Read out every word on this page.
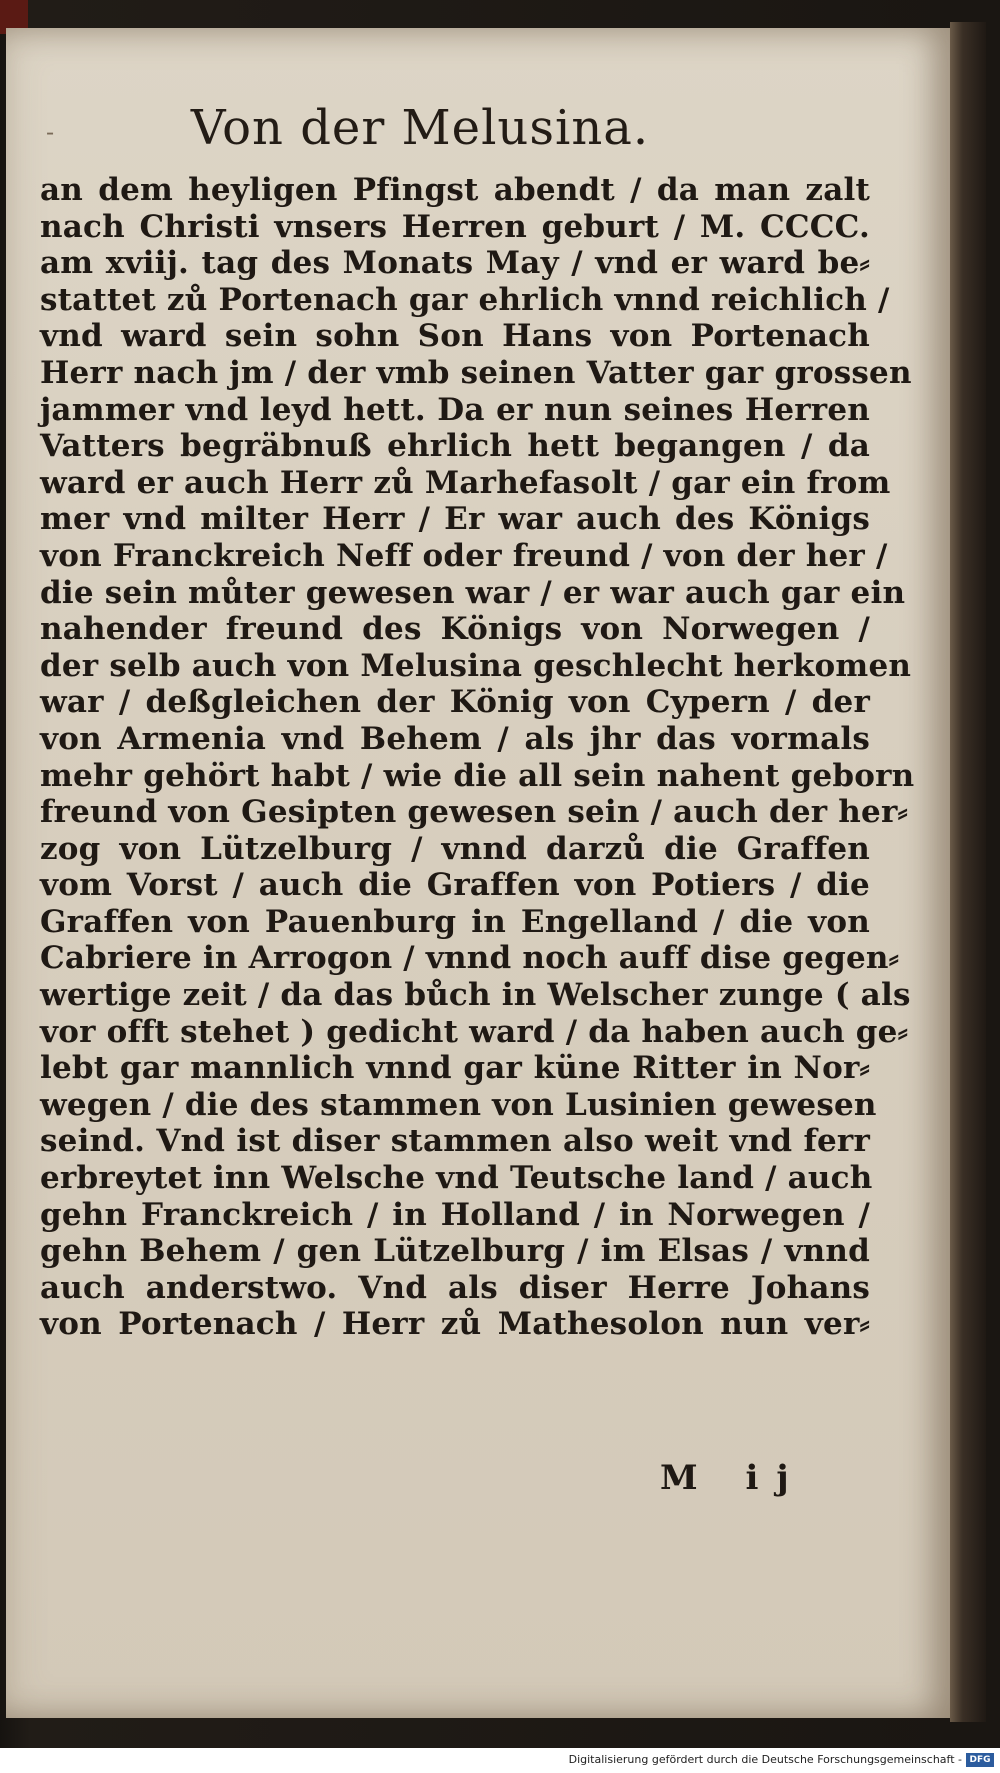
-	Von der Melusina.
an dem heyligen Pfingst abendt / da man zalt
nach Christi vnsers Herren geburt / M. CCCC.
am xviij. tag des Monats May / vnd er ward be⸗
stattet zů Portenach gar ehrlich vnnd reichlich /
vnd ward sein sohn Son Hans von Portenach
Herr nach jm / der vmb seinen Vatter gar grossen
jammer vnd leyd hett. Da er nun seines Herren
Vatters begräbnuß ehrlich hett begangen / da
ward er auch Herr zů Marhefasolt / gar ein from
mer vnd milter Herr / Er war auch des Königs
von Franckreich Neff oder freund / von der her /
die sein můter gewesen war / er war auch gar ein
nahender freund des Königs von Norwegen /
der selb auch von Melusina geschlecht herkomen
war / deßgleichen der König von Cypern / der
von Armenia vnd Behem / als jhr das vormals
mehr gehört habt / wie die all sein nahent geborn
freund von Gesipten gewesen sein / auch der her⸗
zog von Lützelburg / vnnd darzů die Graffen
vom Vorst / auch die Graffen von Potiers / die
Graffen von Pauenburg in Engelland / die von
Cabriere in Arrogon / vnnd noch auff dise gegen⸗
wertige zeit / da das bůch in Welscher zunge ( als
vor offt stehet ) gedicht ward / da haben auch ge⸗
lebt gar mannlich vnnd gar küne Ritter in Nor⸗
wegen / die des stammen von Lusinien gewesen
seind. Vnd ist diser stammen also weit vnd ferr
erbreytet inn Welsche vnd Teutsche land / auch
gehn Franckreich / in Holland / in Norwegen /
gehn Behem / gen Lützelburg / im Elsas / vnnd
auch anderstwo. Vnd als diser Herre Johans
von Portenach / Herr zů Mathesolon nun ver⸗
M ij
Digitalisierung gefördert durch die Deutsche Forschungsgemeinschaft - DFG
